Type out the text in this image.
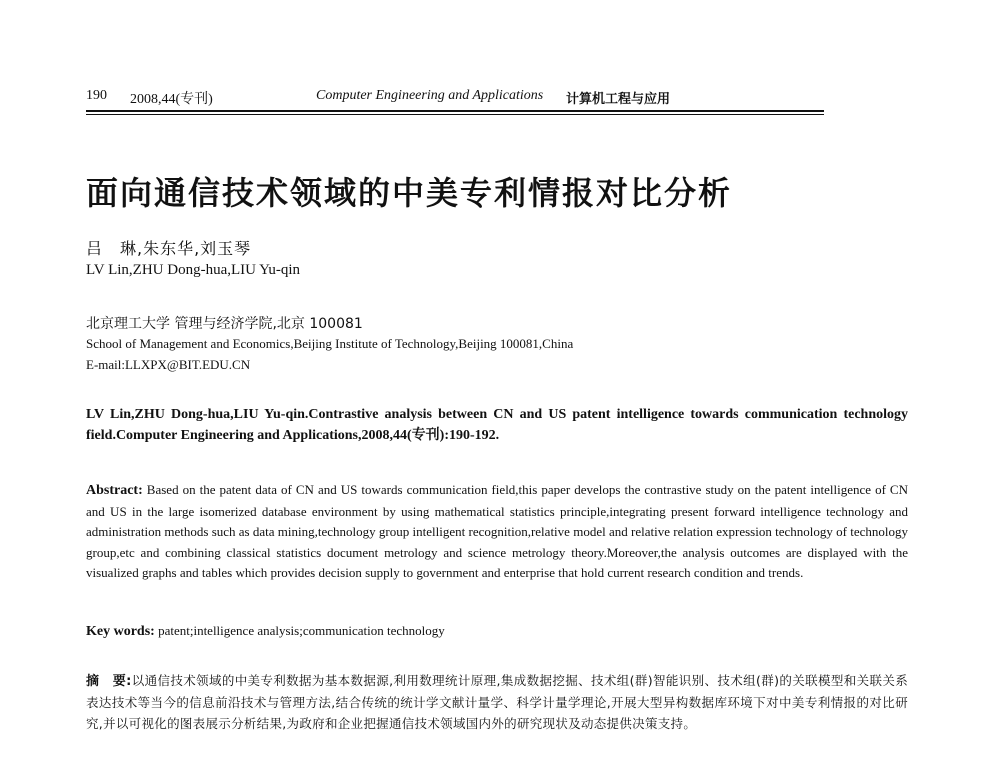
190 2008,44(专刊)	Computer Engineering and Applications 计算机工程与应用
面向通信技术领域的中美专利情报对比分析
吕　琳,朱东华,刘玉琴
LV Lin,ZHU Dong-hua,LIU Yu-qin
北京理工大学 管理与经济学院,北京 100081
School of Management and Economics,Beijing Institute of Technology,Beijing 100081,China
E-mail:LLXPX@BIT.EDU.CN
LV Lin,ZHU Dong-hua,LIU Yu-qin.Contrastive analysis between CN and US patent intelligence towards communication technology field.Computer Engineering and Applications,2008,44(专刊):190-192.
Abstract: Based on the patent data of CN and US towards communication field,this paper develops the contrastive study on the patent intelligence of CN and US in the large isomerized database environment by using mathematical statistics principle,integrating present forward intelligence technology and administration methods such as data mining,technology group intelligent recognition,relative model and relative relation expression technology of technology group,etc and combining classical statistics document metrology and science metrology theory.Moreover,the analysis outcomes are displayed with the visualized graphs and tables which provides decision supply to government and enterprise that hold current research condition and trends.
Key words: patent;intelligence analysis;communication technology
摘　要:以通信技术领域的中美专利数据为基本数据源,利用数理统计原理,集成数据挖掘、技术组(群)智能识别、技术组(群)的关联模型和关联关系表达技术等当今的信息前沿技术与管理方法,结合传统的统计学文献计量学、科学计量学理论,开展大型异构数据库环境下对中美专利情报的对比研究,并以可视化的图表展示分析结果,为政府和企业把握通信技术领域国内外的研究现状及动态提供决策支持。
